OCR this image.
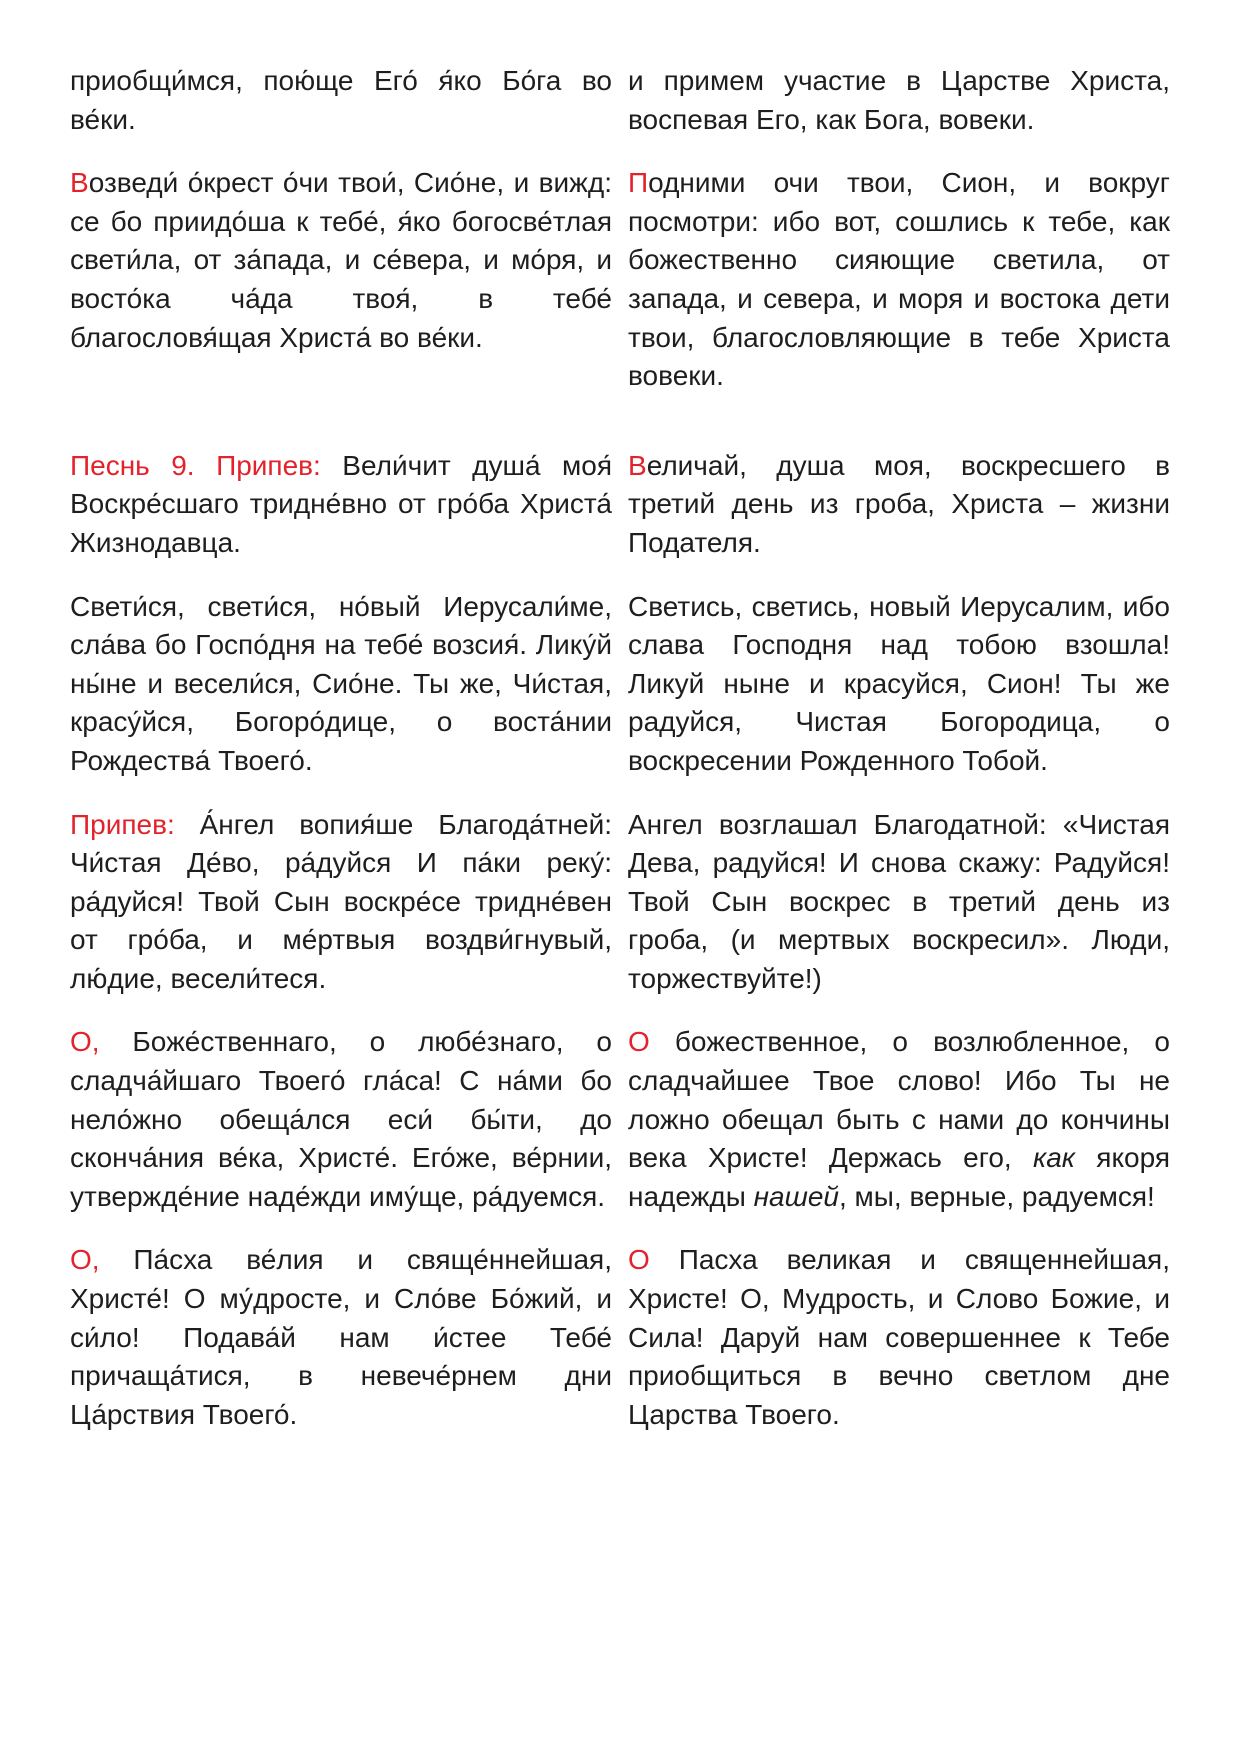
приобщи́мся, пою́ще Его́ я́ко Бо́га во ве́ки.

и примем участие в Царстве Христа, воспевая Его, как Бога, вовеки.

Возведи́ о́крест о́чи твои́, Сио́не, и вижд: се бо приидо́ша к тебе́, я́ко богосве́тлая свети́ла, от за́пада, и се́вера, и мо́ря, и восто́ка ча́да твоя́, в тебе́ благословя́щая Христа́ во ве́ки.

Подними очи твои, Сион, и вокруг посмотри: ибо вот, сошлись к тебе, как божественно сияющие светила, от запада, и севера, и моря и востока дети твои, благословляющие в тебе Христа вовеки.

Песнь 9. Припев: Вели́чит душа́ моя́ Воскре́сшаго тридне́вно от гро́ба Христа́ Жизнодавца.

Величай, душа моя, воскресшего в третий день из гроба, Христа – жизни Подателя.

Свети́ся, свети́ся, но́вый Иерусали́ме, сла́ва бо Госпо́дня на тебе́ возсия́. Лику́й ны́не и весели́ся, Сио́не. Ты же, Чи́стая, красу́йся, Богоро́дице, о воста́нии Рождества́ Твоего́.

Светись, светись, новый Иерусалим, ибо слава Господня над тобою взошла! Ликуй ныне и красуйся, Сион! Ты же радуйся, Чистая Богородица, о воскресении Рожденного Тобой.

Припев: А́нгел вопия́ше Благода́тней: Чи́стая Де́во, ра́дуйся И па́ки реку́: ра́дуйся! Твой Сын воскре́се тридне́вен от гро́ба, и ме́ртвыя воздви́гнувый, лю́дие, весели́теся.

Ангел возглашал Благодатной: «Чистая Дева, радуйся! И снова скажу: Радуйся! Твой Сын воскрес в третий день из гроба, (и мертвых воскресил». Люди, торжествуйте!)

О, Боже́ственнаго, о любе́знаго, о сладча́йшаго Твоего́ гла́са! С на́ми бо нело́жно обеща́лся еси́ бы́ти, до сконча́ния ве́ка, Христе́. Его́же, ве́рнии, утвержде́ние наде́жди иму́ще, ра́дуемся.

О божественное, о возлюбленное, о сладчайшее Твое слово! Ибо Ты не ложно обещал быть с нами до кончины века Христе! Держась его, как якоря надежды нашей, мы, верные, радуемся!

О, Па́сха ве́лия и свяще́ннейшая, Христе́! О му́дросте, и Сло́ве Бо́жий, и си́ло! Подава́й нам и́стее Тебе́ причаща́тися, в невече́рнем дни Ца́рствия Твоего́.

О Пасха великая и священнейшая, Христе! О, Мудрость, и Слово Божие, и Сила! Даруй нам совершеннее к Тебе приобщиться в вечно светлом дне Царства Твоего.
